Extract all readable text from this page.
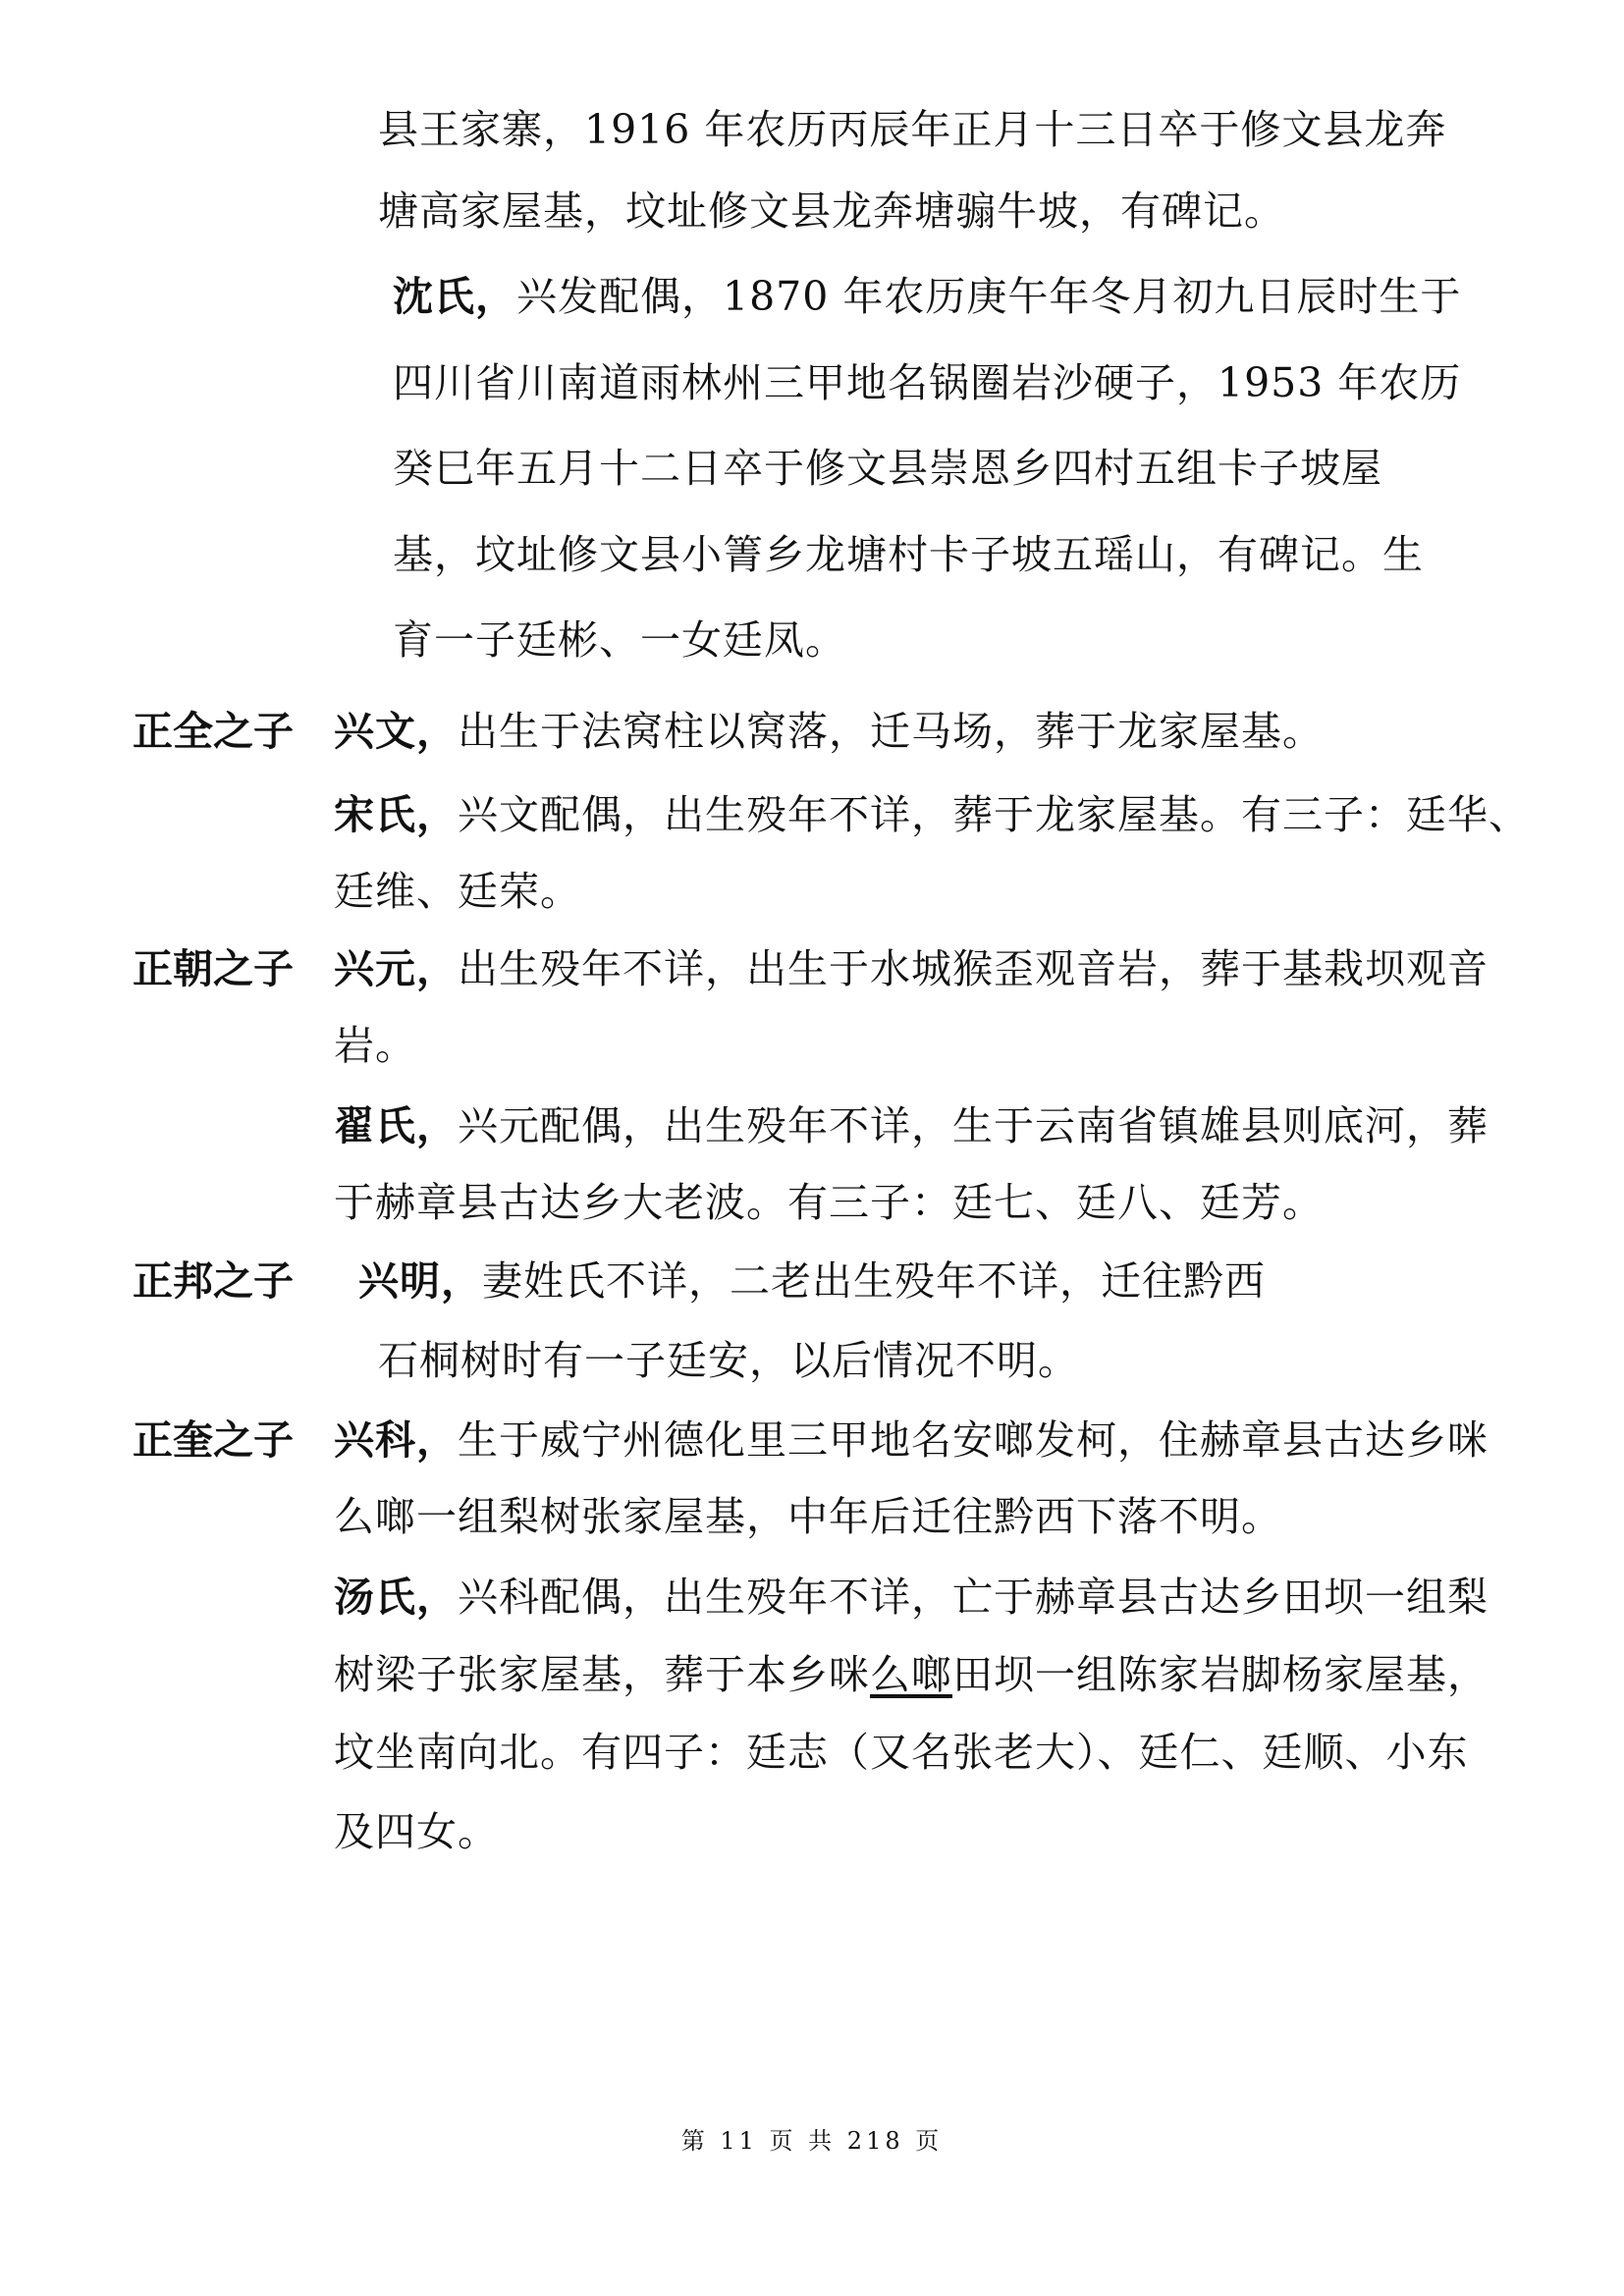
县王家寨，1916 年农历丙辰年正月十三日卒于修文县龙奔
塘高家屋基，坟址修文县龙奔塘骟牛坡，有碑记。
沈氏，兴发配偶，1870 年农历庚午年冬月初九日辰时生于
四川省川南道雨林州三甲地名锅圈岩沙硬子，1953 年农历
癸巳年五月十二日卒于修文县崇恩乡四村五组卡子坡屋
基，坟址修文县小箐乡龙塘村卡子坡五瑶山，有碑记。生
育一子廷彬、一女廷凤。
正全之子 兴文，出生于法窝柱以窝落，迁马场，葬于龙家屋基。
宋氏，兴文配偶，出生殁年不详，葬于龙家屋基。有三子：廷华、
廷维、廷荣。
正朝之子 兴元，出生殁年不详，出生于水城猴歪观音岩，葬于基栽坝观音
岩。
翟氏，兴元配偶，出生殁年不详，生于云南省镇雄县则底河，葬
于赫章县古达乡大老波。有三子：廷七、廷八、廷芳。
正邦之子 兴明，妻姓氏不详，二老出生殁年不详，迁往黔西
石桐树时有一子廷安，以后情况不明。
正奎之子 兴科，生于威宁州德化里三甲地名安啷发柯，住赫章县古达乡咪
么啷一组梨树张家屋基，中年后迁往黔西下落不明。
汤氏，兴科配偶，出生殁年不详，亡于赫章县古达乡田坝一组梨
树梁子张家屋基，葬于本乡咪么啷田坝一组陈家岩脚杨家屋基，
坟坐南向北。有四子：廷志（又名张老大）、廷仁、廷顺、小东
及四女。
第 11 页 共 218 页
